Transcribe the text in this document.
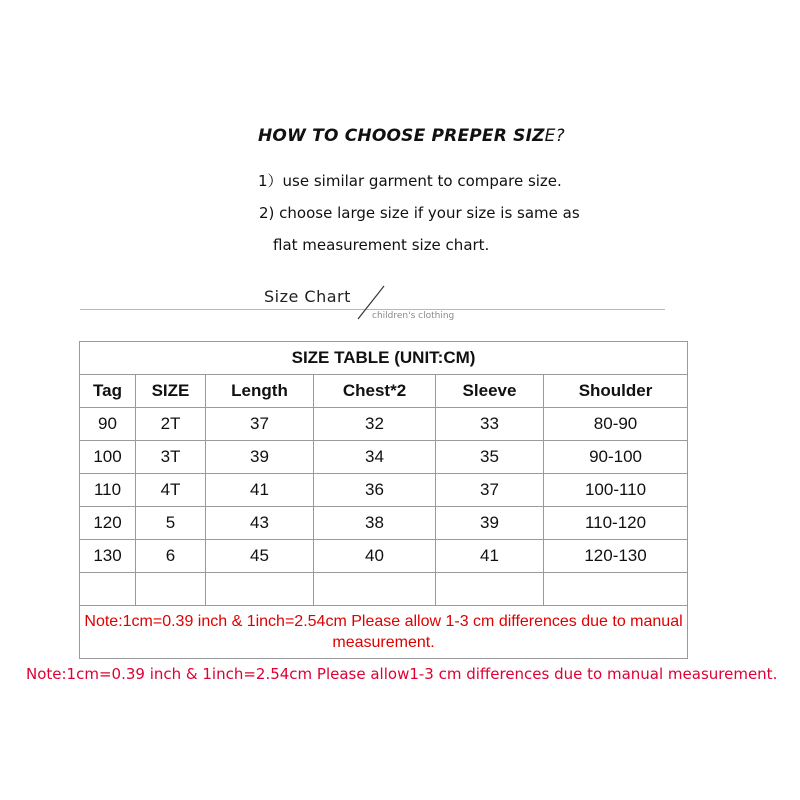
HOW TO CHOOSE PREPER SIZE?
1）use similar garment to compare size.
2) choose large size if your size is same as
flat measurement size chart.
Size Chart
children's clothing
SIZE TABLE (UNIT:CM)					
Tag	SIZE	Length	Chest*2	Sleeve	Shoulder
90	2T	37	32	33	80-90
100	3T	39	34	35	90-100
110	4T	41	36	37	100-110
120	5	43	38	39	110-120
130	6	45	40	41	120-130

Note:1cm=0.39 inch & 1inch=2.54cm Please allow 1-3 cm differences due to manual measurement.					
Note:1cm=0.39 inch & 1inch=2.54cm Please allow1-3 cm differences due to manual measurement.
